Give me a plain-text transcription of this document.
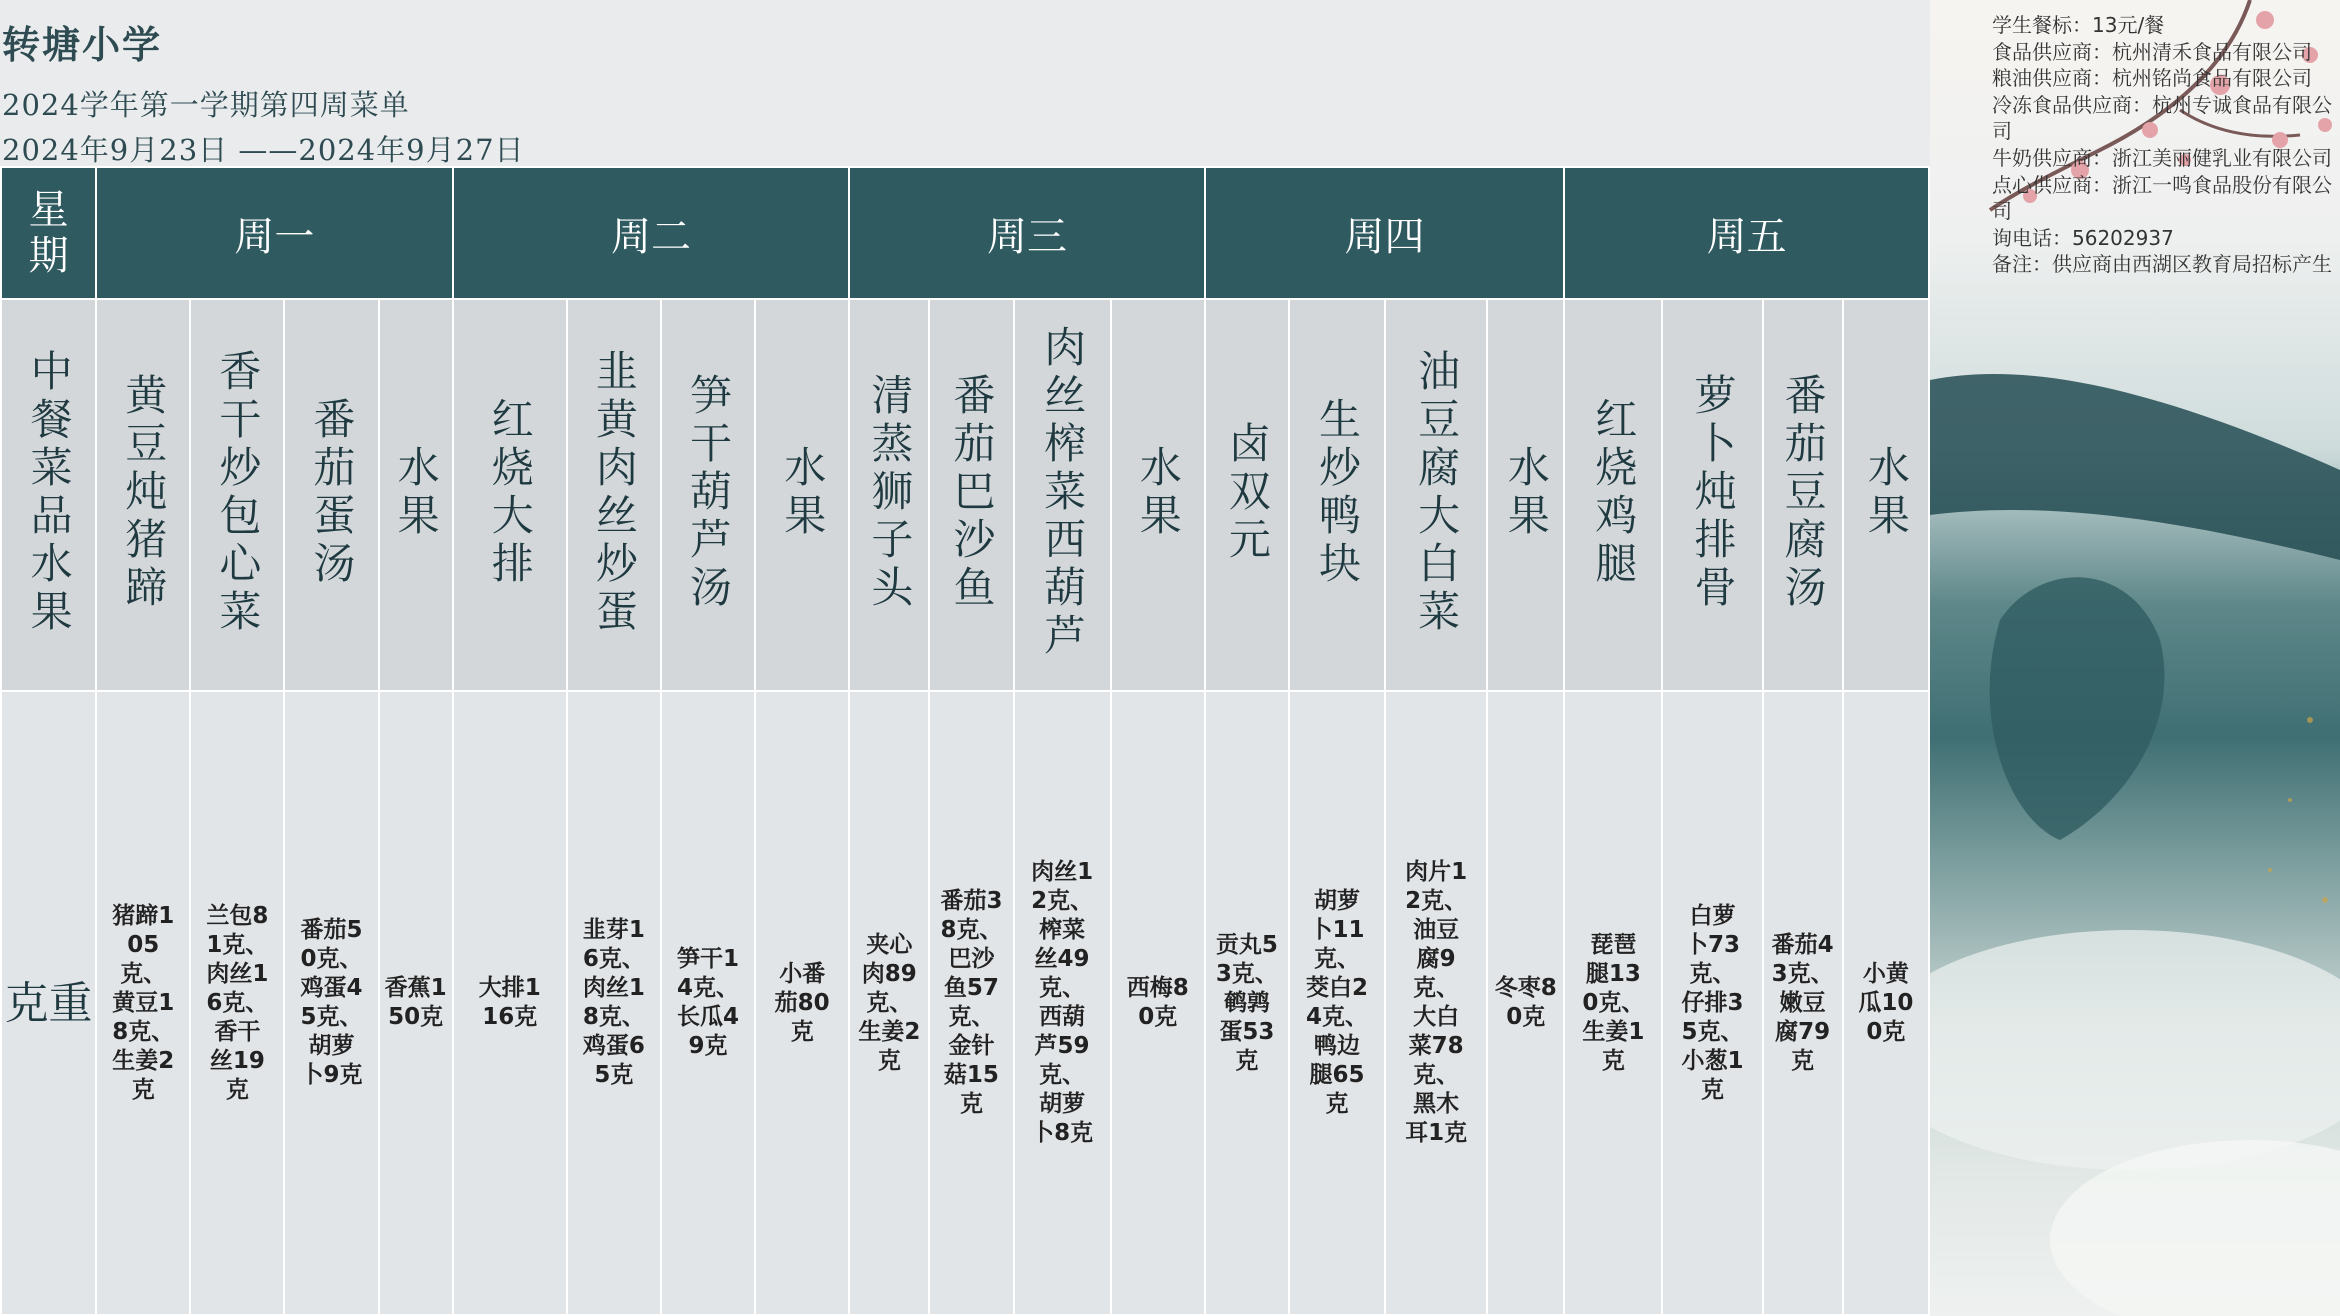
转塘小学
2024学年第一学期第四周菜单
2024年9月23日 ——2024年9月27日
学生餐标：13元/餐
食品供应商：杭州清禾食品有限公司
粮油供应商：杭州铭尚食品有限公司
冷冻食品供应商：杭州专诚食品有限公司
牛奶供应商：浙江美丽健乳业有限公司
点心供应商：浙江一鸣食品股份有限公司
询电话：56202937
备注：供应商由西湖区教育局招标产生
星期	周一				周二				周三				周四				周五			
中餐菜品水果	黄豆炖猪蹄	香干炒包心菜	番茄蛋汤	水果	红烧大排	韭黄肉丝炒蛋	笋干葫芦汤	水果	清蒸狮子头	番茄巴沙鱼	肉丝榨菜西葫芦	水果	卤双元	生炒鸭块	油豆腐大白菜	水果	红烧鸡腿	萝卜炖排骨	番茄豆腐汤	水果
克重	猪蹄105克、黄豆18克、生姜2克	兰包81克、肉丝16克、香干丝19克	番茄50克、鸡蛋45克、胡萝卜9克	香蕉150克	大排116克	韭芽16克、肉丝18克、鸡蛋65克	笋干14克、长瓜49克	小番茄80克	夹心肉89克、生姜2克	番茄38克、巴沙鱼57克、金针菇15克	肉丝12克、榨菜丝49克、西葫芦59克、胡萝卜8克	西梅80克	贡丸53克、鹌鹑蛋53克	胡萝卜11克、茭白24克、鸭边腿65克	肉片12克、油豆腐9克、大白菜78克、黑木耳1克	冬枣80克	琵琶腿130克、生姜1克	白萝卜73克、仔排35克、小葱1克	番茄43克、嫩豆腐79克	小黄瓜100克
